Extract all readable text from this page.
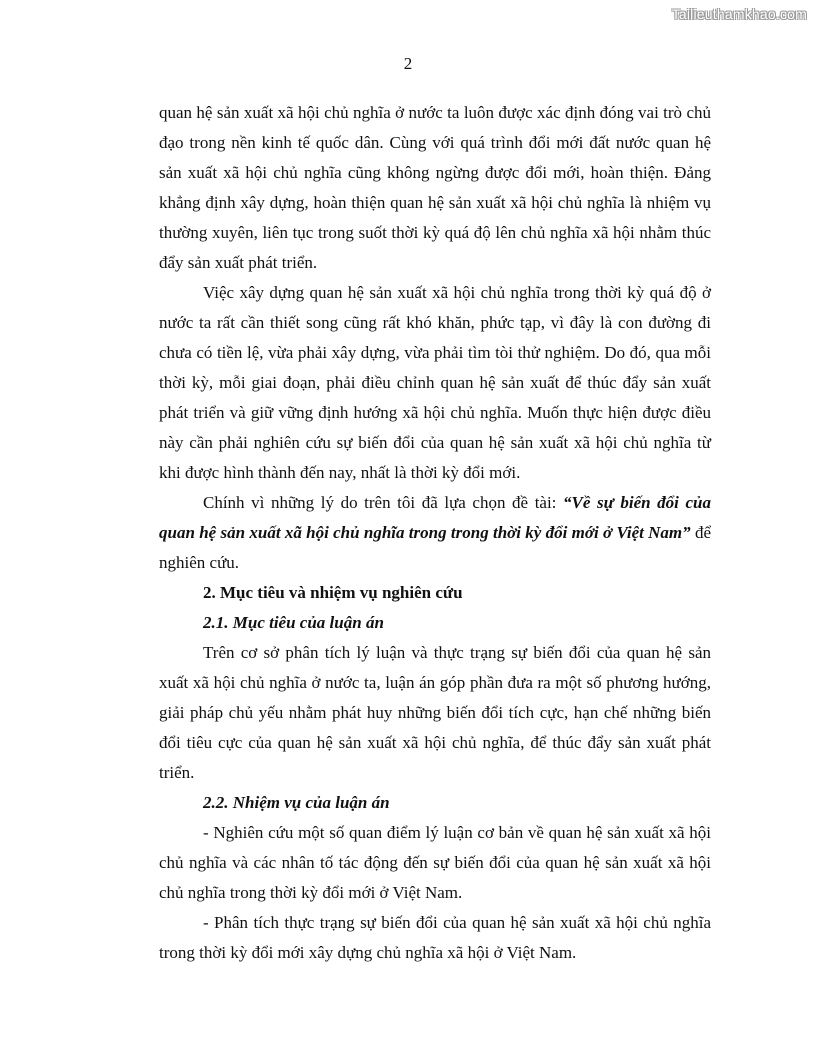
Tailieuthamkhao.com
2

quan hệ sản xuất xã hội chủ nghĩa ở nước ta luôn được xác định đóng vai trò chủ đạo trong nền kinh tế quốc dân. Cùng với quá trình đổi mới đất nước quan hệ sản xuất xã hội chủ nghĩa cũng không ngừng được đổi mới, hoàn thiện. Đảng khẳng định xây dựng, hoàn thiện quan hệ sản xuất xã hội chủ nghĩa là nhiệm vụ thường xuyên, liên tục trong suốt thời kỳ quá độ lên chủ nghĩa xã hội nhằm thúc đẩy sản xuất phát triển.

Việc xây dựng quan hệ sản xuất xã hội chủ nghĩa trong thời kỳ quá độ ở nước ta rất cần thiết song cũng rất khó khăn, phức tạp, vì đây là con đường đi chưa có tiền lệ, vừa phải xây dựng, vừa phải tìm tòi thử nghiệm. Do đó, qua mỗi thời kỳ, mỗi giai đoạn, phải điều chỉnh quan hệ sản xuất để thúc đẩy sản xuất phát triển và giữ vững định hướng xã hội chủ nghĩa. Muốn thực hiện được điều này cần phải nghiên cứu sự biến đổi của quan hệ sản xuất xã hội chủ nghĩa từ khi được hình thành đến nay, nhất là thời kỳ đổi mới.

Chính vì những lý do trên tôi đã lựa chọn đề tài: “Về sự biến đổi của quan hệ sản xuất xã hội chủ nghĩa trong trong thời kỳ đổi mới ở Việt Nam” để nghiên cứu.

2. Mục tiêu và nhiệm vụ nghiên cứu

2.1. Mục tiêu của luận án

Trên cơ sở phân tích lý luận và thực trạng sự biến đổi của quan hệ sản xuất xã hội chủ nghĩa ở nước ta, luận án góp phần đưa ra một số phương hướng, giải pháp chủ yếu nhằm phát huy những biến đổi tích cực, hạn chế những biến đổi tiêu cực của quan hệ sản xuất xã hội chủ nghĩa, để thúc đẩy sản xuất phát triển.

2.2. Nhiệm vụ của luận án

- Nghiên cứu một số quan điểm lý luận cơ bản về quan hệ sản xuất xã hội chủ nghĩa và các nhân tố tác động đến sự biến đổi của quan hệ sản xuất xã hội chủ nghĩa trong thời kỳ đổi mới ở Việt Nam.

- Phân tích thực trạng sự biến đổi của quan hệ sản xuất xã hội chủ nghĩa trong thời kỳ đổi mới xây dựng chủ nghĩa xã hội ở Việt Nam.
